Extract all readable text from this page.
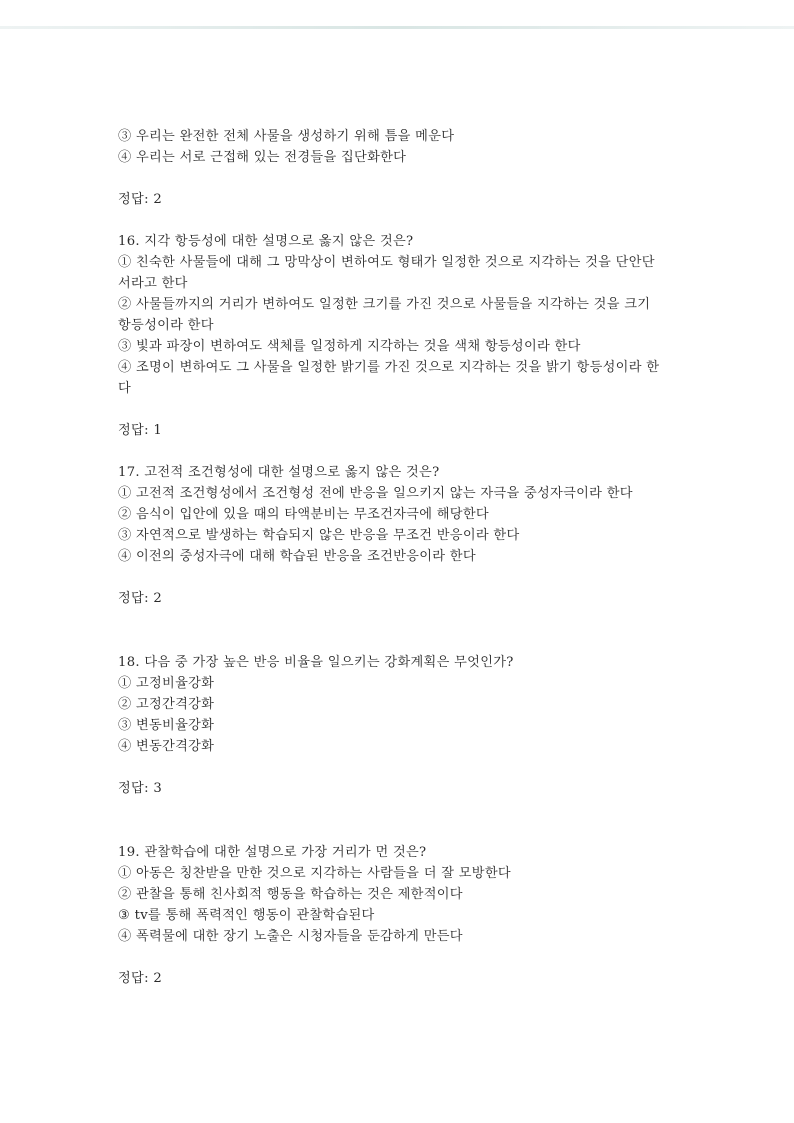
③ 우리는 완전한 전체 사물을 생성하기 위해 틈을 메운다
④ 우리는 서로 근접해 있는 전경들을 집단화한다
정답: 2
16. 지각 항등성에 대한 설명으로 옳지 않은 것은?
① 친숙한 사물들에 대해 그 망막상이 변하여도 형태가 일정한 것으로 지각하는 것을 단안단
서라고 한다
② 사물들까지의 거리가 변하여도 일정한 크기를 가진 것으로 사물들을 지각하는 것을 크기
항등성이라 한다
③ 빛과 파장이 변하여도 색체를 일정하게 지각하는 것을 색채 항등성이라 한다
④ 조명이 변하여도 그 사물을 일정한 밝기를 가진 것으로 지각하는 것을 밝기 항등성이라 한
다
정답: 1
17. 고전적 조건형성에 대한 설명으로 옳지 않은 것은?
① 고전적 조건형성에서 조건형성 전에 반응을 일으키지 않는 자극을 중성자극이라 한다
② 음식이 입안에 있을 때의 타액분비는 무조건자극에 해당한다
③ 자연적으로 발생하는 학습되지 않은 반응을 무조건 반응이라 한다
④ 이전의 중성자극에 대해 학습된 반응을 조건반응이라 한다
정답: 2
18. 다음 중 가장 높은 반응 비율을 일으키는 강화계획은 무엇인가?
① 고정비율강화
② 고정간격강화
③ 변동비율강화
④ 변동간격강화
정답: 3
19. 관찰학습에 대한 설명으로 가장 거리가 먼 것은?
① 아동은 칭찬받을 만한 것으로 지각하는 사람들을 더 잘 모방한다
② 관찰을 통해 친사회적 행동을 학습하는 것은 제한적이다
③ tv를 통해 폭력적인 행동이 관찰학습된다
④ 폭력물에 대한 장기 노출은 시청자들을 둔감하게 만든다
정답: 2
